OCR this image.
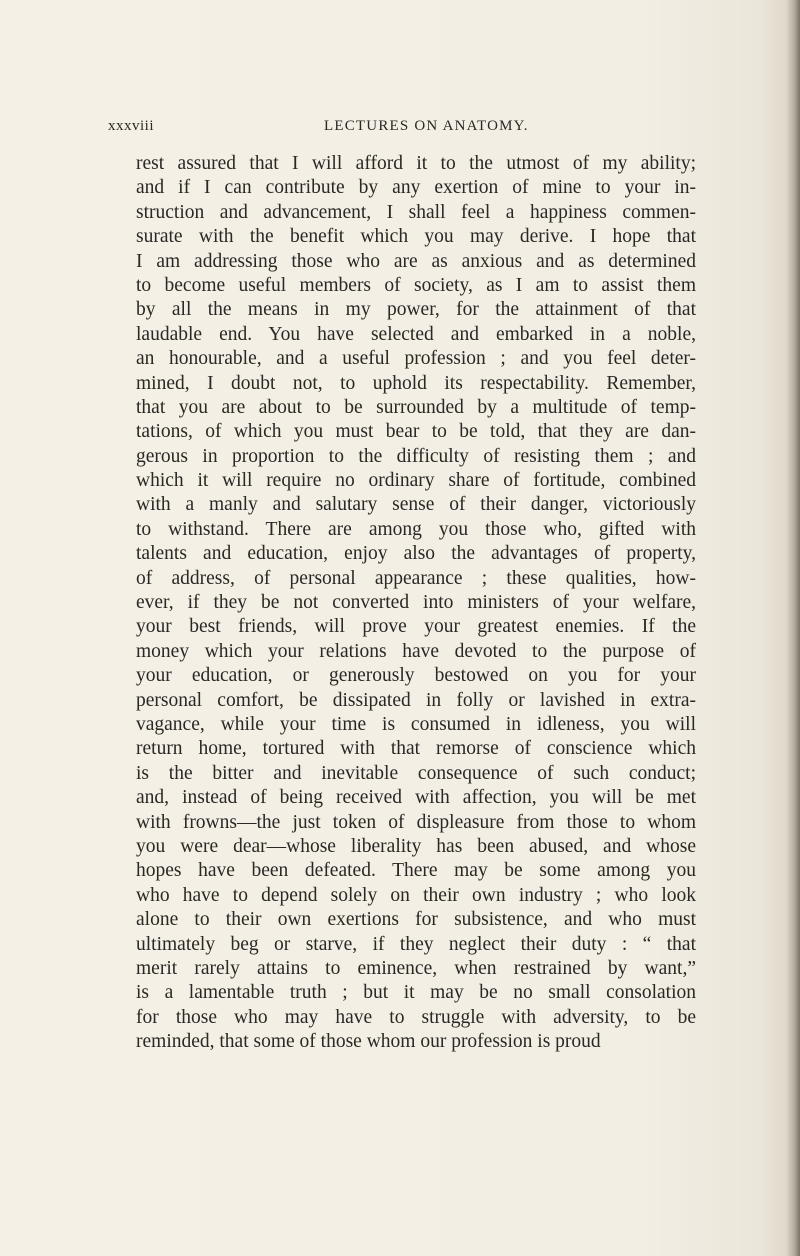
xxxviii	LECTURES ON ANATOMY.
rest assured that I will afford it to the utmost of my ability;
and if I can contribute by any exertion of mine to your in-
struction and advancement, I shall feel a happiness commen-
surate with the benefit which you may derive. I hope that
I am addressing those who are as anxious and as determined
to become useful members of society, as I am to assist them
by all the means in my power, for the attainment of that
laudable end. You have selected and embarked in a noble,
an honourable, and a useful profession ; and you feel deter-
mined, I doubt not, to uphold its respectability. Remember,
that you are about to be surrounded by a multitude of temp-
tations, of which you must bear to be told, that they are dan-
gerous in proportion to the difficulty of resisting them ; and
which it will require no ordinary share of fortitude, combined
with a manly and salutary sense of their danger, victoriously
to withstand. There are among you those who, gifted with
talents and education, enjoy also the advantages of property,
of address, of personal appearance ; these qualities, how-
ever, if they be not converted into ministers of your welfare,
your best friends, will prove your greatest enemies. If the
money which your relations have devoted to the purpose of
your education, or generously bestowed on you for your
personal comfort, be dissipated in folly or lavished in extra-
vagance, while your time is consumed in idleness, you will
return home, tortured with that remorse of conscience which
is the bitter and inevitable consequence of such conduct;
and, instead of being received with affection, you will be met
with frowns—the just token of displeasure from those to whom
you were dear—whose liberality has been abused, and whose
hopes have been defeated. There may be some among you
who have to depend solely on their own industry ; who look
alone to their own exertions for subsistence, and who must
ultimately beg or starve, if they neglect their duty : “ that
merit rarely attains to eminence, when restrained by want,”
is a lamentable truth ; but it may be no small consolation
for those who may have to struggle with adversity, to be
reminded, that some of those whom our profession is proud
